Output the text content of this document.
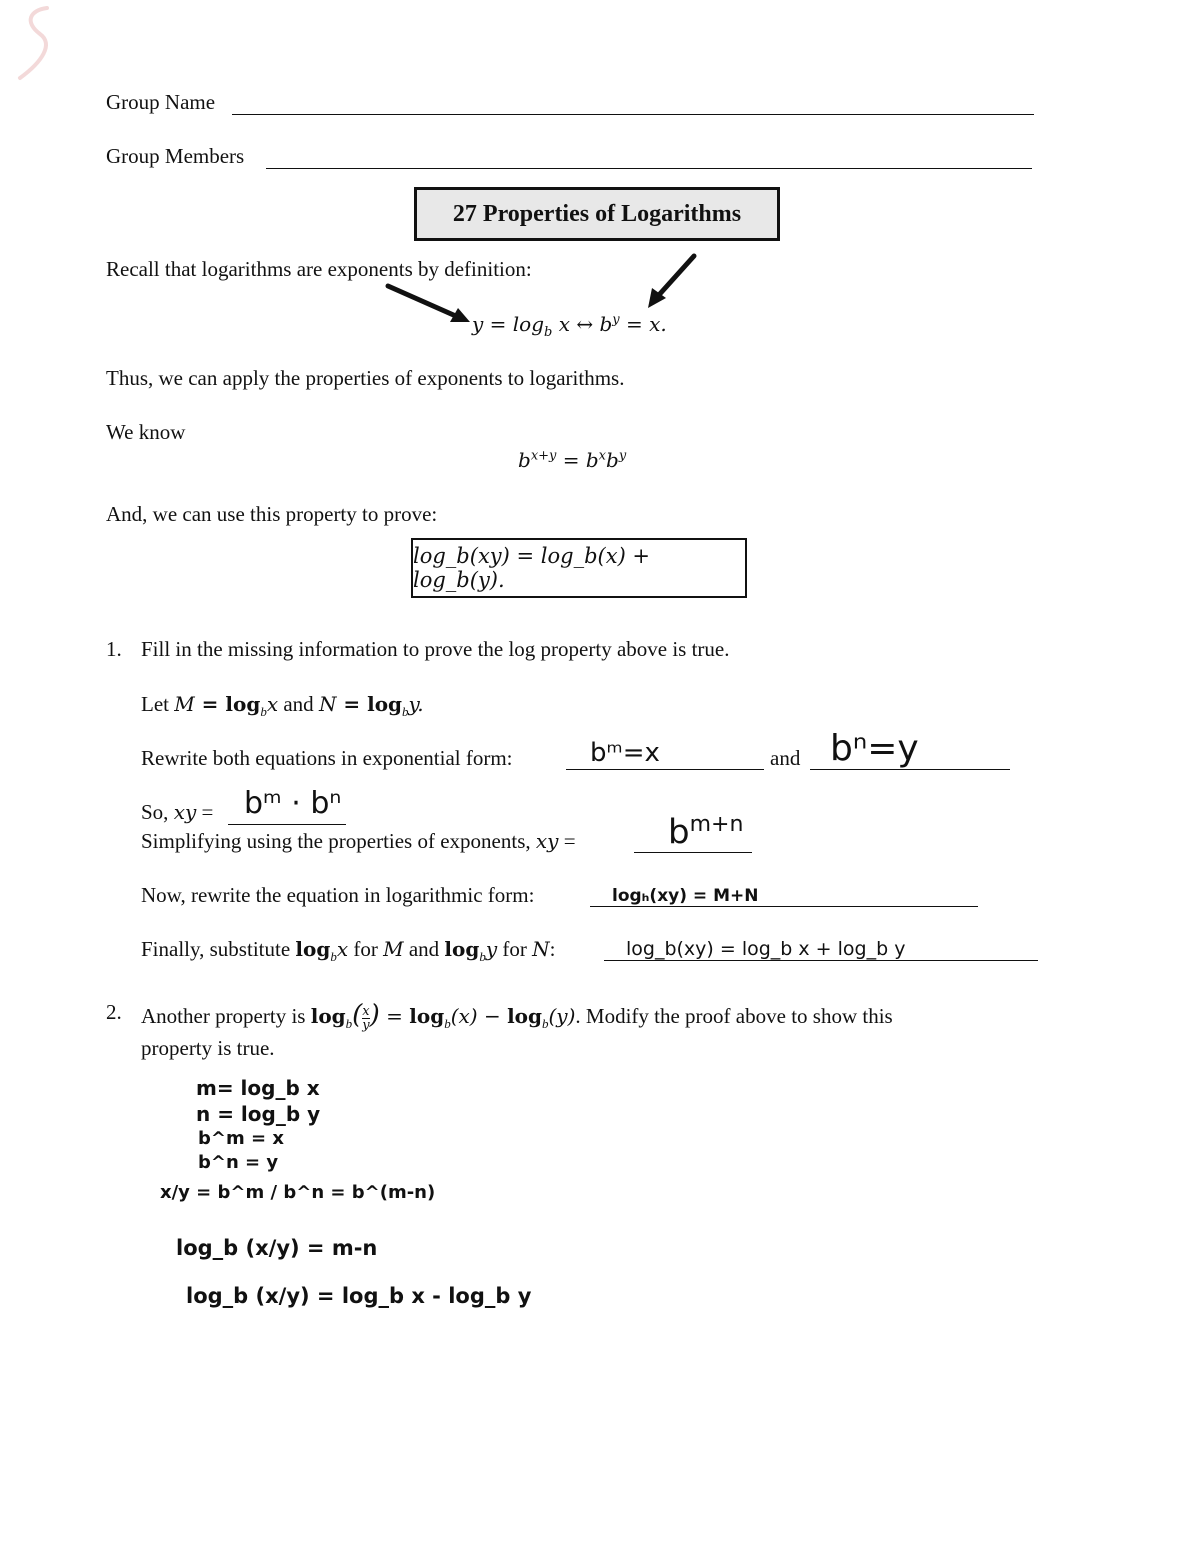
Group Name
Group Members
27 Properties of Logarithms
Recall that logarithms are exponents by definition:
$y = \log_b x$ ↔ $b^y = x$.
Thus, we can apply the properties of exponents to logarithms.
We know
$b^{x+y} = b^xb^y$
And, we can use this property to prove:
log_b(xy) = log_b(x) + log_b(y).
1. Fill in the missing information to prove the log property above is true.
Let $M = \log_bx$ and $N = \log_by$.
Rewrite both equations in exponential form:	bᵐ=x	and bⁿ=y
So, xy = bᵐ · bⁿ
Simplifying using the properties of exponents, xy =	$b^{m+n}$
Now, rewrite the equation in logarithmic form:	logₕ(xy) = M+N
Finally, substitute $\log_bx$ for M and $\log_by$ for N:	log_b(xy) = log_b x + log_b y
2. Another property is $\log_b( \frac{x}{y}$ ) = $\log_b(x) - \log_b(y)$. Modify the proof above to show this
property is true.
m= log_b x
n = log_b y
b^m = x
b^n = y
x/y = b^m / b^n = b^(m-n)
log_b (x/y) = m-n
log_b (x/y) = log_b x - log_b y
